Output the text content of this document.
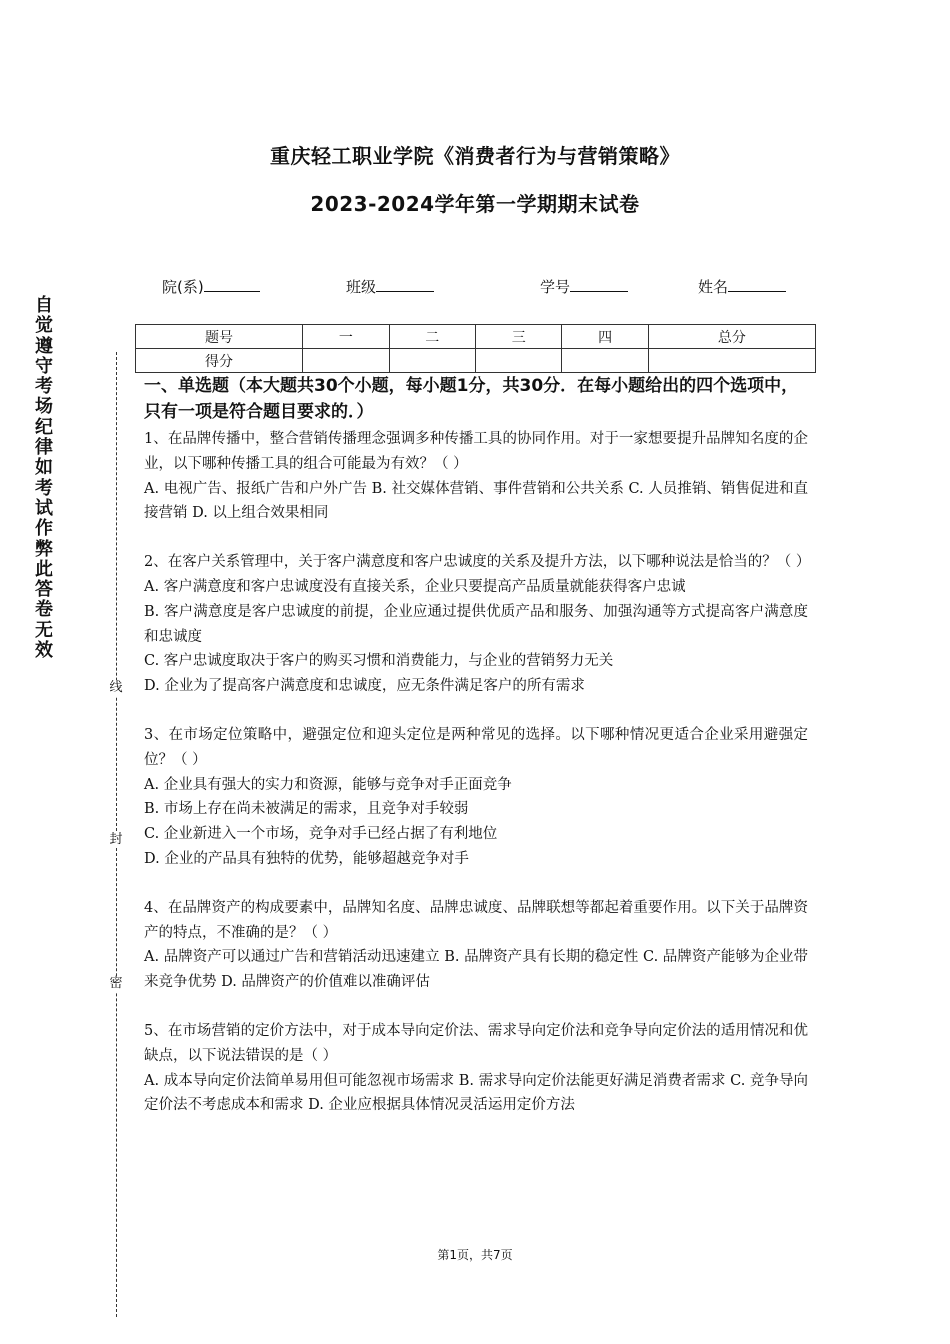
重庆轻工职业学院《消费者行为与营销策略》
2023-2024学年第一学期期末试卷
院(系)	班级	学号	姓名
题号	一	二	三	四	总分
得分					
自觉遵守考场纪律如考试作弊此答卷无效
线
封
密
一、单选题（本大题共30个小题，每小题1分，共30分．在每小题给出的四个选项中，只有一项是符合题目要求的．）

1、在品牌传播中，整合营销传播理念强调多种传播工具的协同作用。对于一家想要提升品牌知名度的企业，以下哪种传播工具的组合可能最为有效？（ ）

A. 电视广告、报纸广告和户外广告 B. 社交媒体营销、事件营销和公共关系 C. 人员推销、销售促进和直接营销 D. 以上组合效果相同

2、在客户关系管理中，关于客户满意度和客户忠诚度的关系及提升方法，以下哪种说法是恰当的？（ ）

A. 客户满意度和客户忠诚度没有直接关系，企业只要提高产品质量就能获得客户忠诚

B. 客户满意度是客户忠诚度的前提，企业应通过提供优质产品和服务、加强沟通等方式提高客户满意度和忠诚度

C. 客户忠诚度取决于客户的购买习惯和消费能力，与企业的营销努力无关

D. 企业为了提高客户满意度和忠诚度，应无条件满足客户的所有需求

3、在市场定位策略中，避强定位和迎头定位是两种常见的选择。以下哪种情况更适合企业采用避强定位？（ ）

A. 企业具有强大的实力和资源，能够与竞争对手正面竞争

B. 市场上存在尚未被满足的需求，且竞争对手较弱

C. 企业新进入一个市场，竞争对手已经占据了有利地位

D. 企业的产品具有独特的优势，能够超越竞争对手

4、在品牌资产的构成要素中，品牌知名度、品牌忠诚度、品牌联想等都起着重要作用。以下关于品牌资产的特点，不准确的是？（ ）

A. 品牌资产可以通过广告和营销活动迅速建立 B. 品牌资产具有长期的稳定性 C. 品牌资产能够为企业带来竞争优势 D. 品牌资产的价值难以准确评估

5、在市场营销的定价方法中，对于成本导向定价法、需求导向定价法和竞争导向定价法的适用情况和优缺点，以下说法错误的是（ ）

A. 成本导向定价法简单易用但可能忽视市场需求 B. 需求导向定价法能更好满足消费者需求 C. 竞争导向定价法不考虑成本和需求 D. 企业应根据具体情况灵活运用定价方法

第1页，共7页
